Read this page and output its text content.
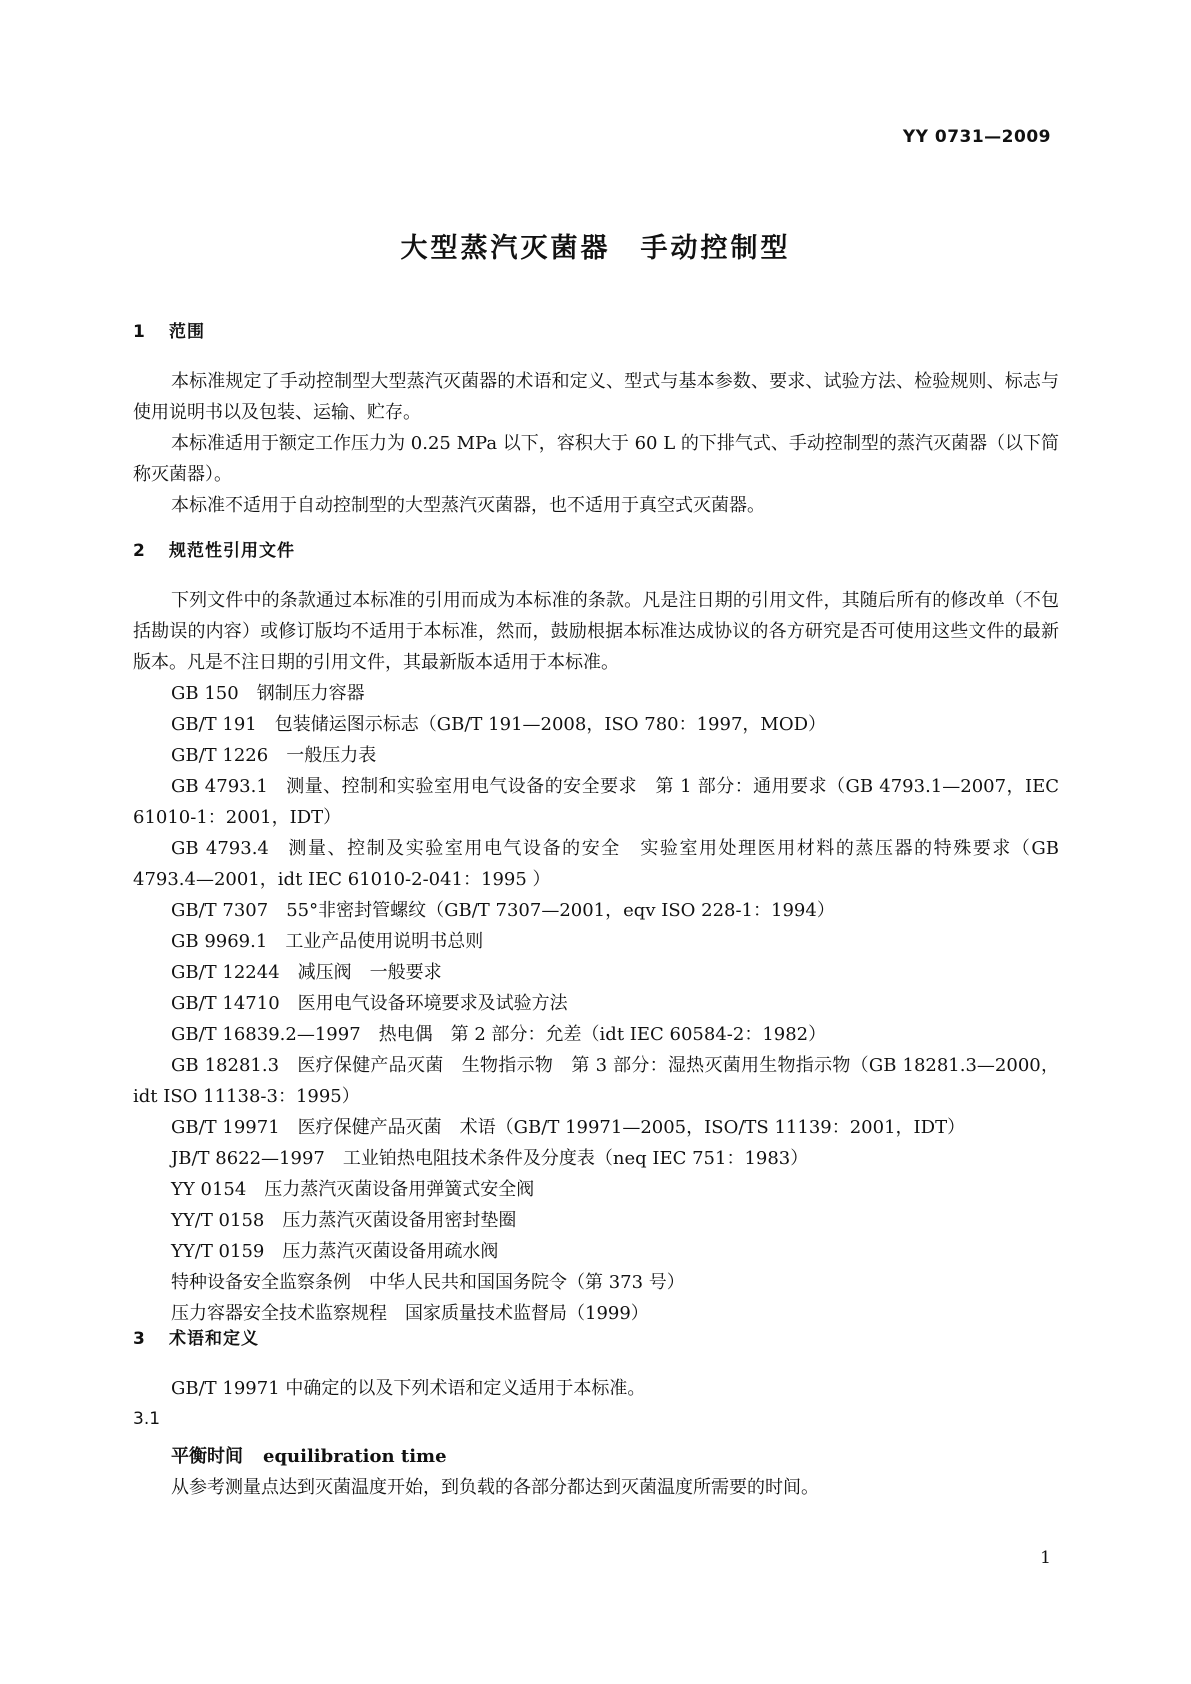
YY 0731—2009
大型蒸汽灭菌器　手动控制型
1 范围

本标准规定了手动控制型大型蒸汽灭菌器的术语和定义、型式与基本参数、要求、试验方法、检验规则、标志与使用说明书以及包装、运输、贮存。

本标准适用于额定工作压力为 0.25 MPa 以下，容积大于 60 L 的下排气式、手动控制型的蒸汽灭菌器（以下简称灭菌器）。

本标准不适用于自动控制型的大型蒸汽灭菌器，也不适用于真空式灭菌器。

2 规范性引用文件

下列文件中的条款通过本标准的引用而成为本标准的条款。凡是注日期的引用文件，其随后所有的修改单（不包括勘误的内容）或修订版均不适用于本标准，然而，鼓励根据本标准达成协议的各方研究是否可使用这些文件的最新版本。凡是不注日期的引用文件，其最新版本适用于本标准。

GB 150 钢制压力容器

GB/T 191 包装储运图示标志（GB/T 191—2008，ISO 780：1997，MOD）

GB/T 1226 一般压力表

GB 4793.1 测量、控制和实验室用电气设备的安全要求　第 1 部分：通用要求（GB 4793.1—2007，IEC 61010-1：2001，IDT）

GB 4793.4 测量、控制及实验室用电气设备的安全　实验室用处理医用材料的蒸压器的特殊要求（GB 4793.4—2001，idt IEC 61010-2-041：1995 ）

GB/T 7307 55°非密封管螺纹（GB/T 7307—2001，eqv ISO 228-1：1994）

GB 9969.1 工业产品使用说明书总则

GB/T 12244 减压阀　一般要求

GB/T 14710 医用电气设备环境要求及试验方法

GB/T 16839.2—1997 热电偶　第 2 部分：允差（idt IEC 60584-2：1982）

GB 18281.3 医疗保健产品灭菌　生物指示物　第 3 部分：湿热灭菌用生物指示物（GB 18281.3—2000，idt ISO 11138-3：1995）

GB/T 19971 医疗保健产品灭菌　术语（GB/T 19971—2005，ISO/TS 11139：2001，IDT）

JB/T 8622—1997 工业铂热电阻技术条件及分度表（neq IEC 751：1983）

YY 0154 压力蒸汽灭菌设备用弹簧式安全阀

YY/T 0158 压力蒸汽灭菌设备用密封垫圈

YY/T 0159 压力蒸汽灭菌设备用疏水阀

特种设备安全监察条例 中华人民共和国国务院令（第 373 号）

压力容器安全技术监察规程 国家质量技术监督局（1999）

3 术语和定义

GB/T 19971 中确定的以及下列术语和定义适用于本标准。

3.1

平衡时间 equilibration time

从参考测量点达到灭菌温度开始，到负载的各部分都达到灭菌温度所需要的时间。

1
